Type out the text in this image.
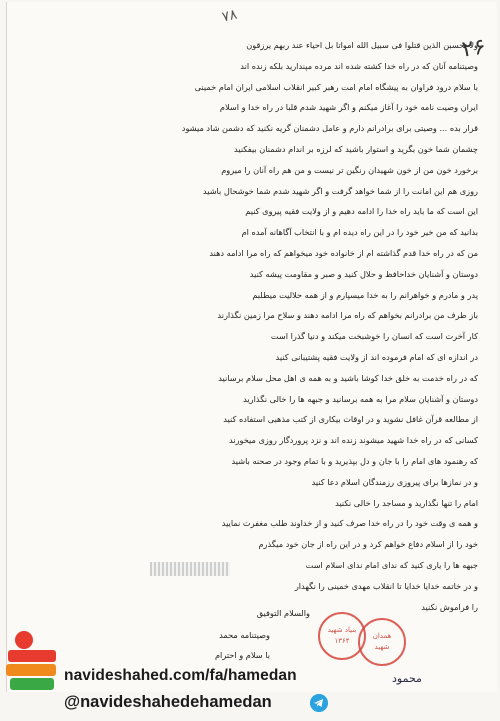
۲۶
۷۸
ولا تحسبن الذین قتلوا فی سبیل الله امواتا بل احیاء عند ربهم یرزقون
وصیتنامه آنان که در راه خدا کشته شده اند مرده مپندارید بلکه زنده اند
با سلام درود فراوان به پیشگاه امام امت رهبر کبیر انقلاب اسلامی ایران امام خمینی
ایران وصیت نامه خود را آغاز میکنم و اگر شهید شدم قلبا در راه خدا و اسلام
قرار بده ... وصیتی برای برادرانم دارم و عامل دشمنان گریه نکنید که دشمن شاد میشود
چشمان شما خون بگرید و استوار باشید که لرزه بر اندام دشمنان بیفکنید
برخورد خون من از خون شهیدان رنگین تر نیست و من هم راه آنان را میروم
روزی هم این امانت را از شما خواهد گرفت و اگر شهید شدم شما خوشحال باشید
این است که ما باید راه خدا را ادامه دهیم و از ولایت فقیه پیروی کنیم
بدانید که من خیر خود را در این راه دیده ام و با انتخاب آگاهانه آمده ام
من که در راه خدا قدم گذاشته ام از خانواده خود میخواهم که راه مرا ادامه دهند
دوستان و آشنایان خداحافظ و حلال کنید و صبر و مقاومت پیشه کنید
پدر و مادرم و خواهرانم را به خدا میسپارم و از همه حلالیت میطلبم
باز طرف من برادرانم بخواهم که راه مرا ادامه دهند و سلاح مرا زمین نگذارند
کار آخرت است که انسان را خوشبخت میکند و دنیا گذرا است
در اندازه ای که امام فرموده اند از ولایت فقیه پشتیبانی کنید
که در راه خدمت به خلق خدا کوشا باشید و به همه ی اهل محل سلام برسانید
دوستان و آشنایان سلام مرا به همه برسانید و جبهه ها را خالی نگذارید
از مطالعه قرآن غافل نشوید و در اوقات بیکاری از کتب مذهبی استفاده کنید
کسانی که در راه خدا شهید میشوند زنده اند و نزد پروردگار روزی میخورند
که رهنمود های امام را با جان و دل بپذیرید و با تمام وجود در صحنه باشید
و در نمازها برای پیروزی رزمندگان اسلام دعا کنید
امام را تنها نگذارید و مساجد را خالی نکنید
و همه ی وقت خود را در راه خدا صرف کنید و از خداوند طلب مغفرت نمایید
خود را از اسلام دفاع خواهم کرد و در این راه از جان خود میگذرم
جبهه ها را یاری کنید که ندای امام ندای اسلام است
و در خاتمه خدایا خدایا تا انقلاب مهدی خمینی را نگهدار
را فراموش نکنید
والسلام التوفیق
وصیتنامه محمد
با سلام و احترام
بنیاد شهید
۱۳۶۴
همدان
شهید
محمود
navideshahed.com/fa/hamedan
@navideshahedehamedan
